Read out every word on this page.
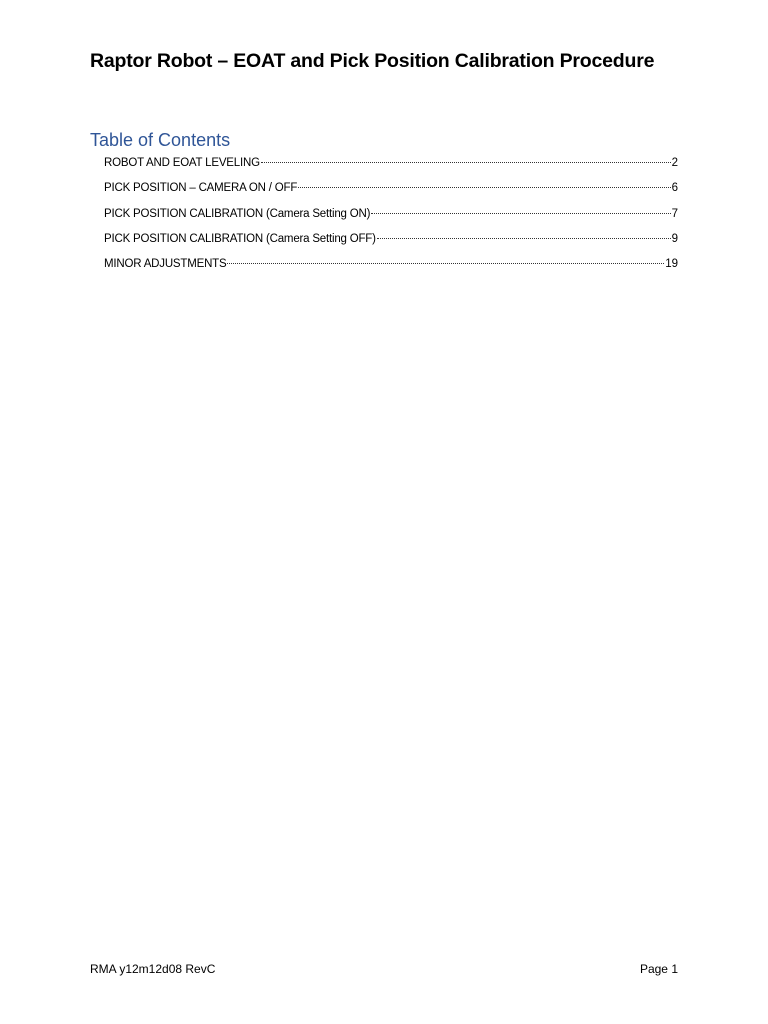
Raptor Robot – EOAT and Pick Position Calibration Procedure
Table of Contents
ROBOT AND EOAT LEVELING	2
PICK POSITION – CAMERA ON / OFF	6
PICK POSITION CALIBRATION (Camera Setting ON)	7
PICK POSITION CALIBRATION (Camera Setting OFF)	9
MINOR ADJUSTMENTS	19
RMA y12m12d08 RevC	Page 1
